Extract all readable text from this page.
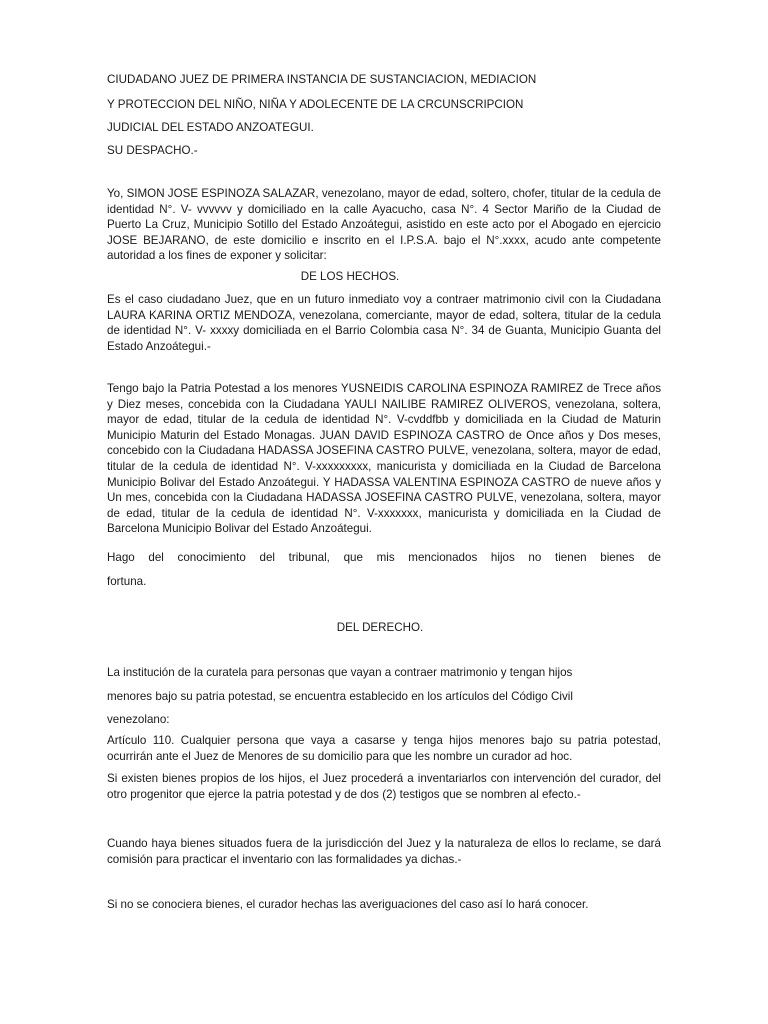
CIUDADANO JUEZ DE PRIMERA INSTANCIA DE SUSTANCIACION, MEDIACION

Y PROTECCION DEL NIÑO, NIÑA Y ADOLECENTE DE LA CRCUNSCRIPCION

JUDICIAL DEL ESTADO ANZOATEGUI.

SU DESPACHO.-

Yo, SIMON JOSE ESPINOZA SALAZAR, venezolano, mayor de edad, soltero, chofer, titular de la cedula de identidad N°. V- vvvvvv y domiciliado en la calle Ayacucho, casa N°. 4 Sector Mariño de la Ciudad de Puerto La Cruz, Municipio Sotillo del Estado Anzoátegui, asistido en este acto por el Abogado en ejercicio JOSE BEJARANO, de este domicilio e inscrito en el I.P.S.A. bajo el N°.xxxx, acudo ante competente autoridad a los fines de exponer y solicitar:

DE LOS HECHOS.

Es el caso ciudadano Juez, que en un futuro inmediato voy a contraer matrimonio civil con la Ciudadana LAURA KARINA ORTIZ MENDOZA, venezolana, comerciante, mayor de edad, soltera, titular de la cedula de identidad N°. V- xxxxy domiciliada en el Barrio Colombia casa N°. 34 de Guanta, Municipio Guanta del Estado Anzoátegui.-

Tengo bajo la Patria Potestad a los menores YUSNEIDIS CAROLINA ESPINOZA RAMIREZ de Trece años y Diez meses, concebida con la Ciudadana YAULI NAILIBE RAMIREZ OLIVEROS, venezolana, soltera, mayor de edad, titular de la cedula de identidad N°. V-cvddfbb y domiciliada en la Ciudad de Maturin Municipio Maturin del Estado Monagas. JUAN DAVID ESPINOZA CASTRO de Once años y Dos meses, concebido con la Ciudadana HADASSA JOSEFINA CASTRO PULVE, venezolana, soltera, mayor de edad, titular de la cedula de identidad N°. V-xxxxxxxxx, manicurista y domiciliada en la Ciudad de Barcelona Municipio Bolivar del Estado Anzoátegui. Y HADASSA VALENTINA ESPINOZA CASTRO de nueve años y Un mes, concebida con la Ciudadana HADASSA JOSEFINA CASTRO PULVE, venezolana, soltera, mayor de edad, titular de la cedula de identidad N°. V-xxxxxxx, manicurista y domiciliada en la Ciudad de Barcelona Municipio Bolivar del Estado Anzoátegui.

Hago del conocimiento del tribunal, que mis mencionados hijos no tienen bienes de

fortuna.

DEL DERECHO.

La institución de la curatela para personas que vayan a contraer matrimonio y tengan hijos

menores bajo su patria potestad, se encuentra establecido en los artículos del Código Civil

venezolano:

Artículo 110. Cualquier persona que vaya a casarse y tenga hijos menores bajo su patria potestad, ocurrirán ante el Juez de Menores de su domicilio para que les nombre un curador ad hoc.

Si existen bienes propios de los hijos, el Juez procederá a inventariarlos con intervención del curador, del otro progenitor que ejerce la patria potestad y de dos (2) testigos que se nombren al efecto.-

Cuando haya bienes situados fuera de la jurisdicción del Juez y la naturaleza de ellos lo reclame, se dará comisión para practicar el inventario con las formalidades ya dichas.-

Si no se conociera bienes, el curador hechas las averiguaciones del caso así lo hará conocer.
